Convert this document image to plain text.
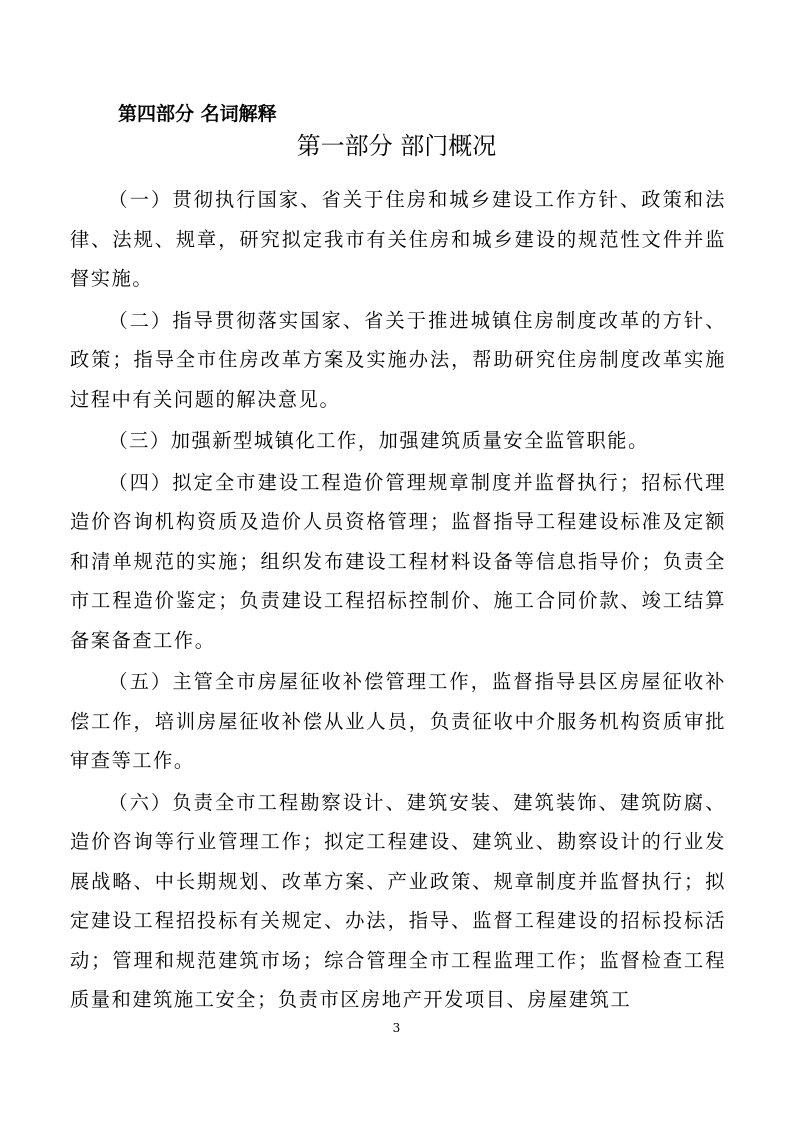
第四部分 名词解释
第一部分 部门概况

（一）贯彻执行国家、省关于住房和城乡建设工作方针、政策和法律、法规、规章，研究拟定我市有关住房和城乡建设的规范性文件并监督实施。

（二）指导贯彻落实国家、省关于推进城镇住房制度改革的方针、政策；指导全市住房改革方案及实施办法，帮助研究住房制度改革实施过程中有关问题的解决意见。

（三）加强新型城镇化工作，加强建筑质量安全监管职能。

（四）拟定全市建设工程造价管理规章制度并监督执行；招标代理造价咨询机构资质及造价人员资格管理；监督指导工程建设标准及定额和清单规范的实施；组织发布建设工程材料设备等信息指导价；负责全市工程造价鉴定；负责建设工程招标控制价、施工合同价款、竣工结算备案备查工作。

（五）主管全市房屋征收补偿管理工作，监督指导县区房屋征收补偿工作，培训房屋征收补偿从业人员，负责征收中介服务机构资质审批审查等工作。

（六）负责全市工程勘察设计、建筑安装、建筑装饰、建筑防腐、造价咨询等行业管理工作；拟定工程建设、建筑业、勘察设计的行业发展战略、中长期规划、改革方案、产业政策、规章制度并监督执行；拟定建设工程招投标有关规定、办法，指导、监督工程建设的招标投标活动；管理和规范建筑市场；综合管理全市工程监理工作；监督检查工程质量和建筑施工安全；负责市区房地产开发项目、房屋建筑工

3
